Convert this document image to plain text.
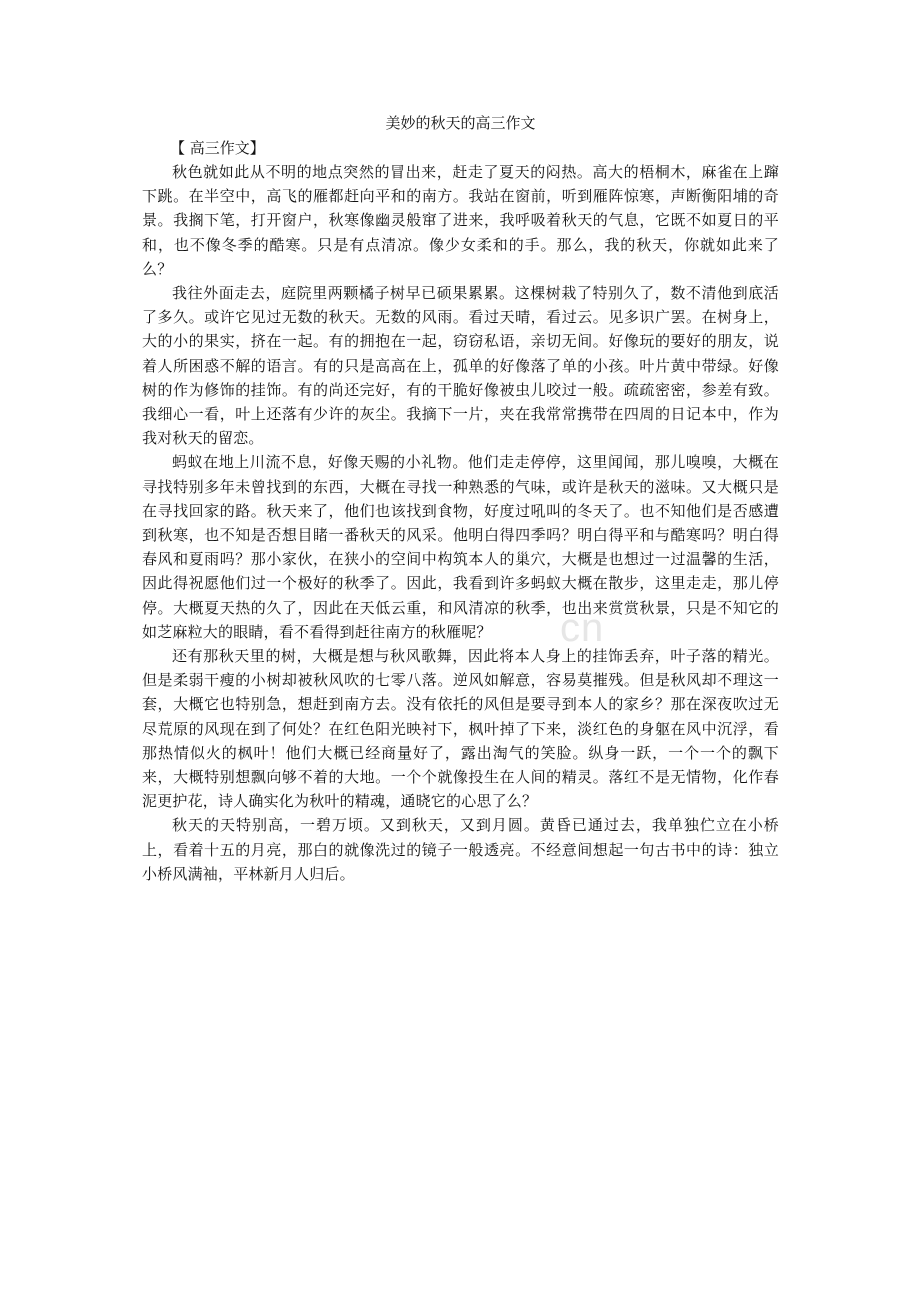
cn

美妙的秋天的高三作文

【 高三作文】

秋色就如此从不明的地点突然的冒出来，赶走了夏天的闷热。高大的梧桐木，麻雀在上蹿下跳。在半空中，高飞的雁都赶向平和的南方。我站在窗前，听到雁阵惊寒，声断衡阳埔的奇景。我搁下笔，打开窗户，秋寒像幽灵般窜了进来，我呼吸着秋天的气息，它既不如夏日的平和，也不像冬季的酷寒。只是有点清凉。像少女柔和的手。那么，我的秋天，你就如此来了么？

我往外面走去，庭院里两颗橘子树早已硕果累累。这棵树栽了特别久了，数不清他到底活了多久。或许它见过无数的秋天。无数的风雨。看过天晴，看过云。见多识广罢。在树身上，大的小的果实，挤在一起。有的拥抱在一起，窃窃私语，亲切无间。好像玩的要好的朋友，说着人所困惑不解的语言。有的只是高高在上，孤单的好像落了单的小孩。叶片黄中带绿。好像树的作为修饰的挂饰。有的尚还完好，有的干脆好像被虫儿咬过一般。疏疏密密，参差有致。我细心一看，叶上还落有少许的灰尘。我摘下一片，夹在我常常携带在四周的日记本中，作为我对秋天的留恋。

蚂蚁在地上川流不息，好像天赐的小礼物。他们走走停停，这里闻闻，那儿嗅嗅，大概在寻找特别多年未曾找到的东西，大概在寻找一种熟悉的气味，或许是秋天的滋味。又大概只是在寻找回家的路。秋天来了，他们也该找到食物，好度过吼叫的冬天了。也不知他们是否感遭到秋寒，也不知是否想目睹一番秋天的风采。他明白得四季吗？明白得平和与酷寒吗？明白得春风和夏雨吗？那小家伙，在狭小的空间中构筑本人的巢穴，大概是也想过一过温馨的生活，因此得祝愿他们过一个极好的秋季了。因此，我看到许多蚂蚁大概在散步，这里走走，那儿停停。大概夏天热的久了，因此在天低云重，和风清凉的秋季，也出来赏赏秋景，只是不知它的如芝麻粒大的眼睛，看不看得到赶往南方的秋雁呢？

还有那秋天里的树，大概是想与秋风歌舞，因此将本人身上的挂饰丢弃，叶子落的精光。但是柔弱干瘦的小树却被秋风吹的七零八落。逆风如解意，容易莫摧残。但是秋风却不理这一套，大概它也特别急，想赶到南方去。没有依托的风但是要寻到本人的家乡？那在深夜吹过无尽荒原的风现在到了何处？在红色阳光映衬下，枫叶掉了下来，淡红色的身躯在风中沉浮，看那热情似火的枫叶！他们大概已经商量好了，露出淘气的笑脸。纵身一跃，一个一个的飘下来，大概特别想飘向够不着的大地。一个个就像投生在人间的精灵。落红不是无情物，化作春泥更护花，诗人确实化为秋叶的精魂，通晓它的心思了么？

秋天的天特别高，一碧万顷。又到秋天，又到月圆。黄昏已通过去，我单独伫立在小桥上，看着十五的月亮，那白的就像洗过的镜子一般透亮。不经意间想起一句古书中的诗：独立小桥风满袖，平林新月人归后。
